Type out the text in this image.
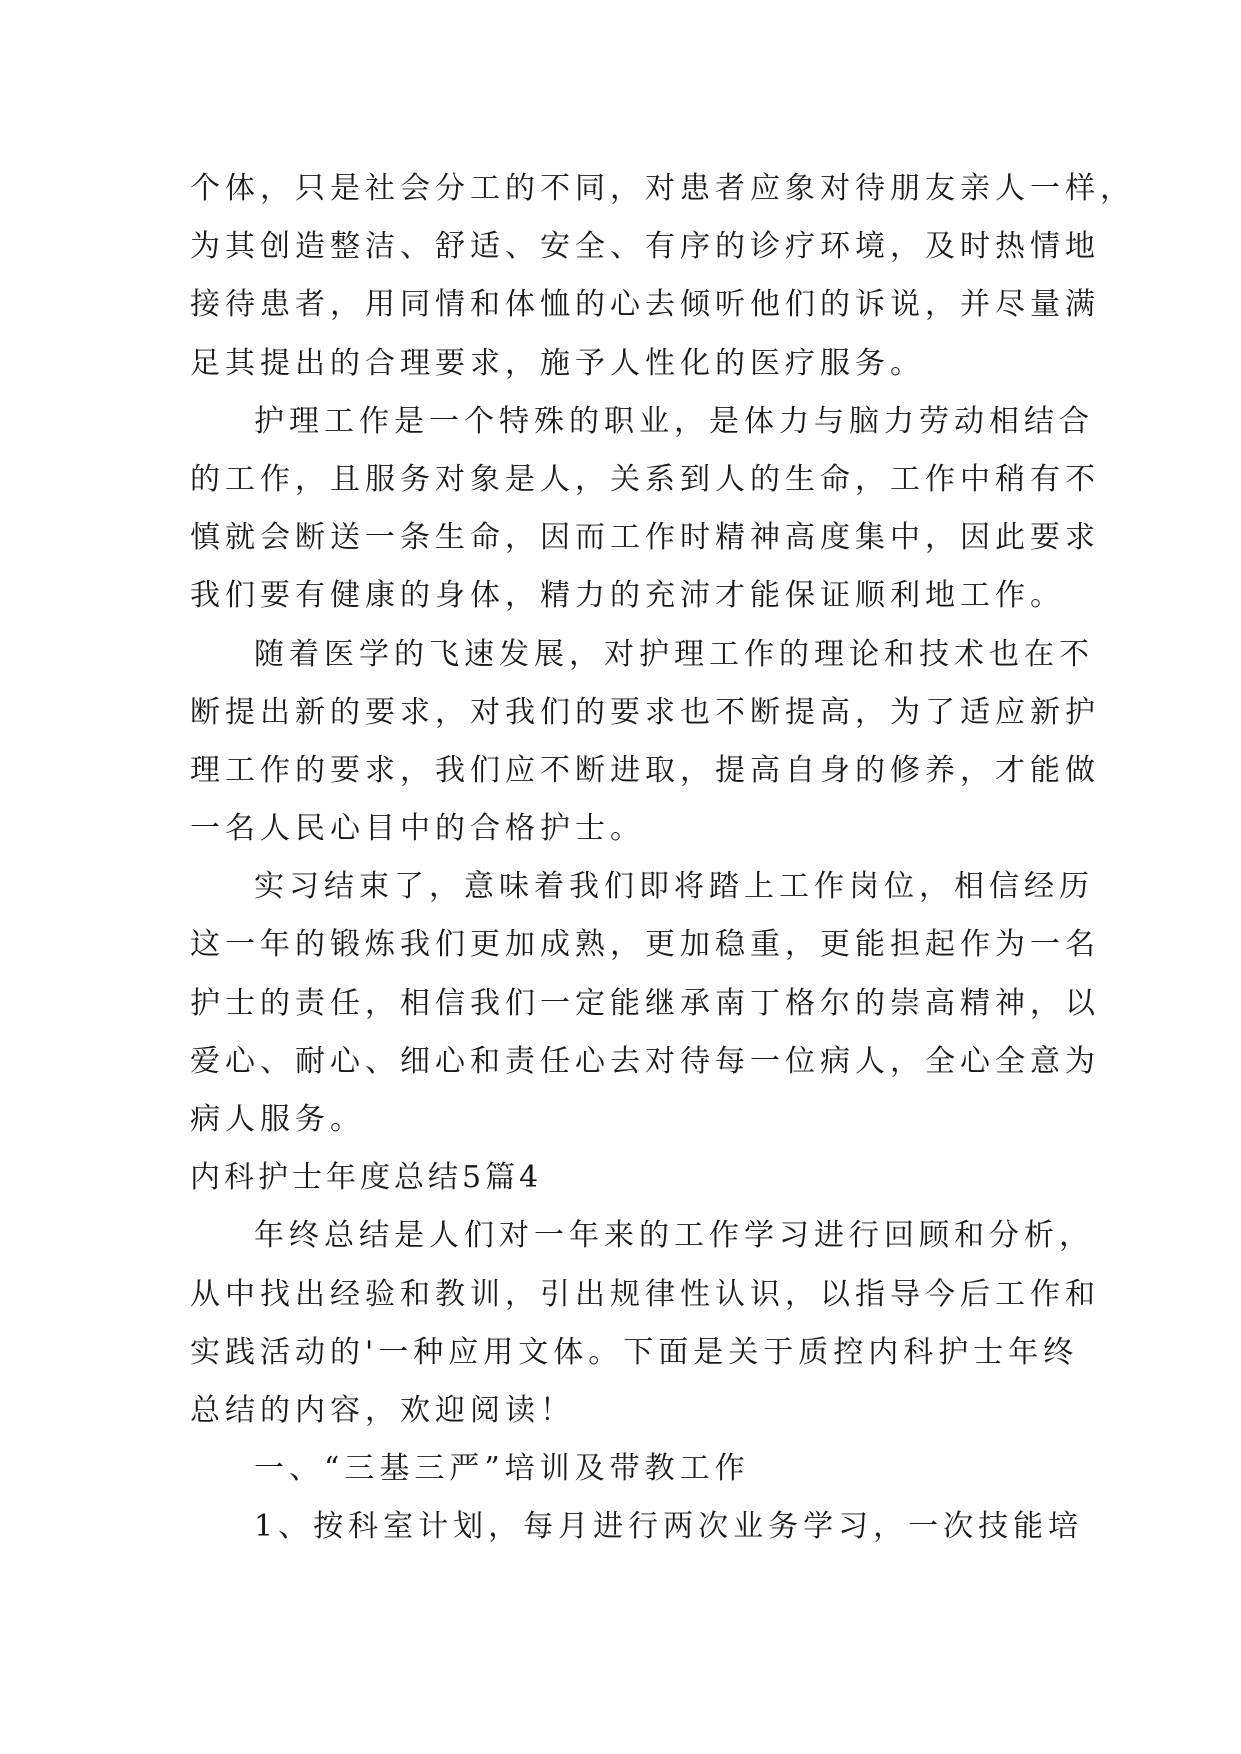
个体，只是社会分工的不同，对患者应象对待朋友亲人一样，
为其创造整洁、舒适、安全、有序的诊疗环境，及时热情地
接待患者，用同情和体恤的心去倾听他们的诉说，并尽量满
足其提出的合理要求，施予人性化的医疗服务。
护理工作是一个特殊的职业，是体力与脑力劳动相结合
的工作，且服务对象是人，关系到人的生命，工作中稍有不
慎就会断送一条生命，因而工作时精神高度集中，因此要求
我们要有健康的身体，精力的充沛才能保证顺利地工作。
随着医学的飞速发展，对护理工作的理论和技术也在不
断提出新的要求，对我们的要求也不断提高，为了适应新护
理工作的要求，我们应不断进取，提高自身的修养，才能做
一名人民心目中的合格护士。
实习结束了，意味着我们即将踏上工作岗位，相信经历
这一年的锻炼我们更加成熟，更加稳重，更能担起作为一名
护士的责任，相信我们一定能继承南丁格尔的崇高精神，以
爱心、耐心、细心和责任心去对待每一位病人，全心全意为
病人服务。
内科护士年度总结5篇4
年终总结是人们对一年来的工作学习进行回顾和分析，
从中找出经验和教训，引出规律性认识，以指导今后工作和
实践活动的'一种应用文体。下面是关于质控内科护士年终
总结的内容，欢迎阅读！
一、“三基三严”培训及带教工作
1、按科室计划，每月进行两次业务学习，一次技能培
